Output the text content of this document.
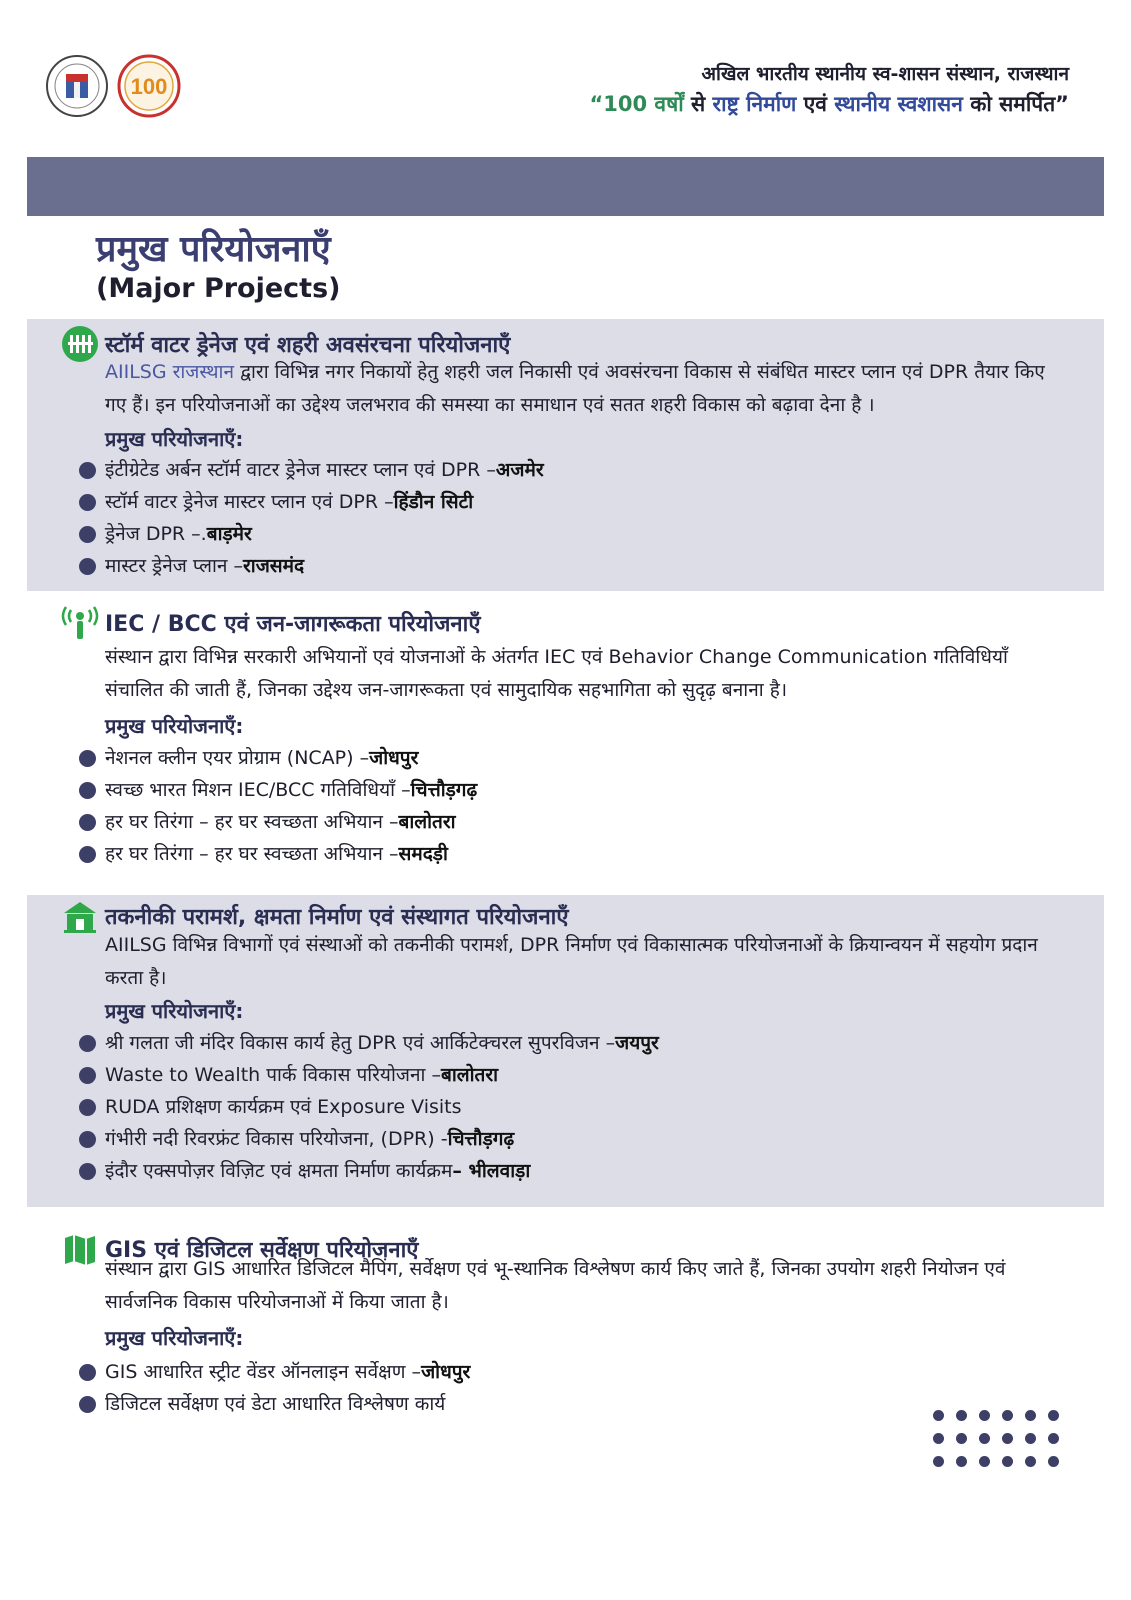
100	अखिल भारतीय स्थानीय स्व-शासन संस्थान, राजस्थान
“100 वर्षों से राष्ट्र निर्माण एवं स्थानीय स्वशासन को समर्पित”
प्रमुख परियोजनाएँ
(Major Projects)
स्टॉर्म वाटर ड्रेनेज एवं शहरी अवसंरचना परियोजनाएँ
AIILSG राजस्थान द्वारा विभिन्न नगर निकायों हेतु शहरी जल निकासी एवं अवसंरचना विकास से संबंधित मास्टर प्लान एवं DPR तैयार किए गए हैं। इन परियोजनाओं का उद्देश्य जलभराव की समस्या का समाधान एवं सतत शहरी विकास को बढ़ावा देना है ।
प्रमुख परियोजनाएँ:
इंटीग्रेटेड अर्बन स्टॉर्म वाटर ड्रेनेज मास्टर प्लान एवं DPR – अजमेर
स्टॉर्म वाटर ड्रेनेज मास्टर प्लान एवं DPR – हिंडौन सिटी
ड्रेनेज DPR –. बाड़मेर
मास्टर ड्रेनेज प्लान – राजसमंद
IEC / BCC एवं जन-जागरूकता परियोजनाएँ
संस्थान द्वारा विभिन्न सरकारी अभियानों एवं योजनाओं के अंतर्गत IEC एवं Behavior Change Communication गतिविधियाँ संचालित की जाती हैं, जिनका उद्देश्य जन-जागरूकता एवं सामुदायिक सहभागिता को सुदृढ़ बनाना है।
प्रमुख परियोजनाएँ:
नेशनल क्लीन एयर प्रोग्राम (NCAP) – जोधपुर
स्वच्छ भारत मिशन IEC/BCC गतिविधियाँ – चित्तौड़गढ़
हर घर तिरंगा – हर घर स्वच्छता अभियान – बालोतरा
हर घर तिरंगा – हर घर स्वच्छता अभियान – समदड़ी
तकनीकी परामर्श, क्षमता निर्माण एवं संस्थागत परियोजनाएँ
AIILSG विभिन्न विभागों एवं संस्थाओं को तकनीकी परामर्श, DPR निर्माण एवं विकासात्मक परियोजनाओं के क्रियान्वयन में सहयोग प्रदान करता है।
प्रमुख परियोजनाएँ:
श्री गलता जी मंदिर विकास कार्य हेतु DPR एवं आर्किटेक्चरल सुपरविजन – जयपुर
Waste to Wealth पार्क विकास परियोजना – बालोतरा
RUDA प्रशिक्षण कार्यक्रम एवं Exposure Visits
गंभीरी नदी रिवरफ्रंट विकास परियोजना, (DPR) - चित्तौड़गढ़
इंदौर एक्सपोज़र विज़िट एवं क्षमता निर्माण कार्यक्रम – भीलवाड़ा
GIS एवं डिजिटल सर्वेक्षण परियोजनाएँ
संस्थान द्वारा GIS आधारित डिजिटल मैपिंग, सर्वेक्षण एवं भू-स्थानिक विश्लेषण कार्य किए जाते हैं, जिनका उपयोग शहरी नियोजन एवं सार्वजनिक विकास परियोजनाओं में किया जाता है।
प्रमुख परियोजनाएँ:
GIS आधारित स्ट्रीट वेंडर ऑनलाइन सर्वेक्षण – जोधपुर
डिजिटल सर्वेक्षण एवं डेटा आधारित विश्लेषण कार्य
